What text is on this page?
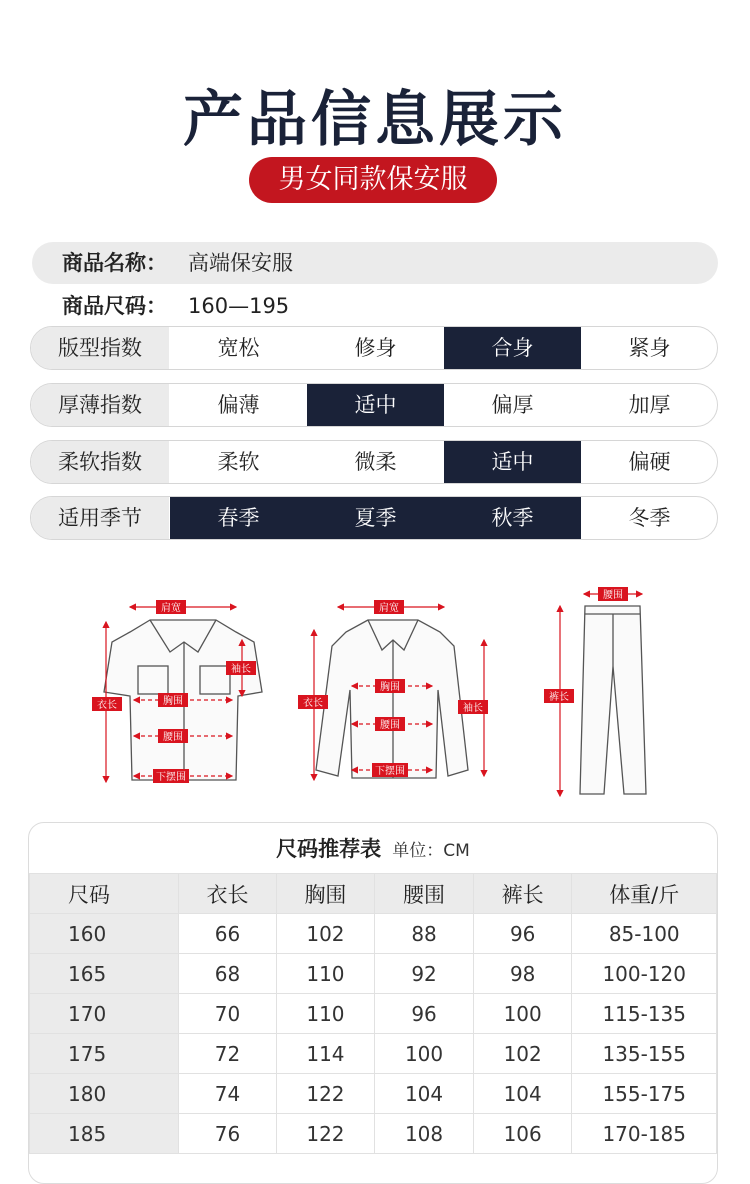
产品信息展示
男女同款保安服
商品名称： 高端保安服
商品尺码： 160—195
版型指数	宽松	修身	合身	紧身
厚薄指数	偏薄	适中	偏厚	加厚
柔软指数	柔软	微柔	适中	偏硬
适用季节	春季	夏季	秋季	冬季
肩宽
衣长
袖长
胸围
腰围
下摆围
肩宽
衣长	袖长
胸围
腰围
下摆围
腰围
裤长
尺码推荐表 单位：CM
尺码	衣长	胸围	腰围	裤长	体重/斤
160	66	102	88	96	85-100
165	68	110	92	98	100-120
170	70	110	96	100	115-135
175	72	114	100	102	135-155
180	74	122	104	104	155-175
185	76	122	108	106	170-185
